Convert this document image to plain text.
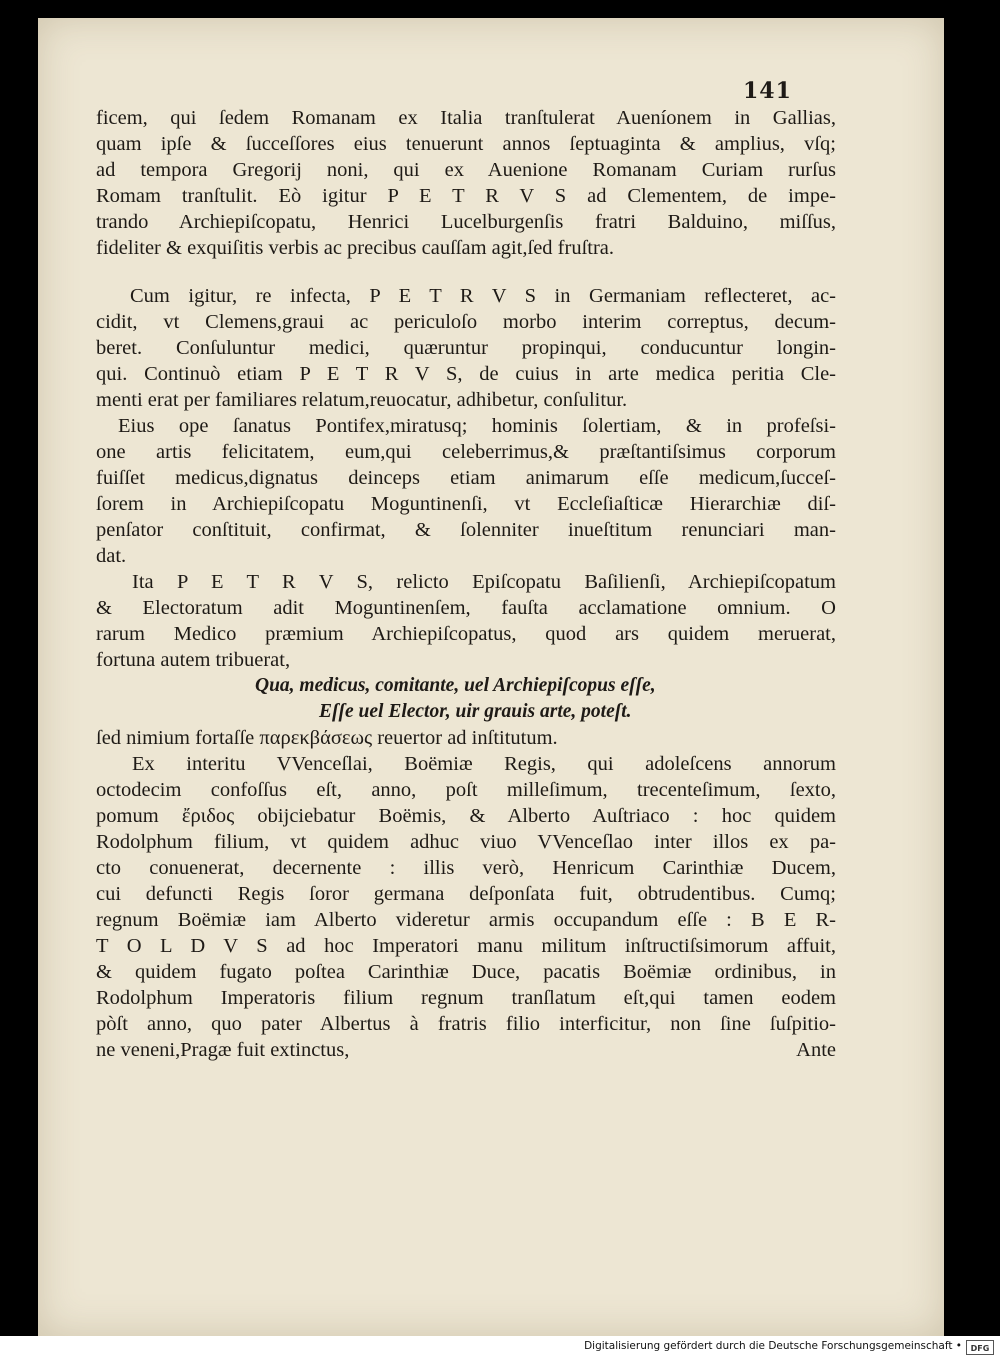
141
ficem, qui ſedem Romanam ex Italia tranſtulerat Aueníonem in Gallias,
quam ipſe & ſucceſſores eius tenuerunt annos ſeptuaginta & amplius, vſq;
ad tempora Gregorij noni, qui ex Auenione Romanam Curiam rurſus
Romam tranſtulit. Eò igitur P E T R V S ad Clementem, de impe-
trando Archiepiſcopatu, Henrici Lucelburgenſis fratri Balduino, miſſus,
fideliter & exquiſitis verbis ac precibus cauſſam agit,ſed fruſtra.
Cum igitur, re infecta, P E T R V S in Germaniam reflecteret, ac-
cidit, vt Clemens,graui ac periculoſo morbo interim correptus, decum-
beret. Conſuluntur medici, quæruntur propinqui, conducuntur longin-
qui. Continuò etiam P E T R V S, de cuius in arte medica peritia Cle-
menti erat per familiares relatum,reuocatur, adhibetur, conſulitur.
Eius ope ſanatus Pontifex,miratusq; hominis ſolertiam, & in profeſsi-
one artis felicitatem, eum,qui celeberrimus,& præſtantiſsimus corporum
fuiſſet medicus,dignatus deinceps etiam animarum eſſe medicum,ſucceſ-
ſorem in Archiepiſcopatu Moguntinenſi, vt Eccleſiaſticæ Hierarchiæ diſ-
penſator conſtituit, confirmat, & ſolenniter inueſtitum renunciari man-
dat.
Ita P E T R V S, relicto Epiſcopatu Baſilienſi, Archiepiſcopatum
& Electoratum adit Moguntinenſem, fauſta acclamatione omnium. O
rarum Medico præmium Archiepiſcopatus, quod ars quidem meruerat,
fortuna autem tribuerat,
Qua, medicus, comitante, uel Archiepiſcopus eſſe,
Eſſe uel Elector, uir grauis arte, poteſt.
ſed nimium fortaſſe παρεκβάσεως reuertor ad inſtitutum.
Ex interitu VVenceſlai, Boëmiæ Regis, qui adoleſcens annorum
octodecim confoſſus eſt, anno, poſt milleſimum, trecenteſimum, ſexto,
pomum ἔριδος obijciebatur Boëmis, & Alberto Auſtriaco : hoc quidem
Rodolphum filium, vt quidem adhuc viuo VVenceſlao inter illos ex pa-
cto conuenerat, decernente : illis verò, Henricum Carinthiæ Ducem,
cui defuncti Regis ſoror germana deſponſata fuit, obtrudentibus. Cumq;
regnum Boëmiæ iam Alberto videretur armis occupandum eſſe : B E R-
T O L D V S ad hoc Imperatori manu militum inſtructiſsimorum affuit,
& quidem fugato poſtea Carinthiæ Duce, pacatis Boëmiæ ordinibus, in
Rodolphum Imperatoris filium regnum tranſlatum eſt,qui tamen eodem
pòſt anno, quo pater Albertus à fratris filio interficitur, non ſine ſuſpitio-
ne veneni,Pragæ fuit extinctus,	Ante
Digitalisierung gefördert durch die Deutsche Forschungsgemeinschaft •	DFG
